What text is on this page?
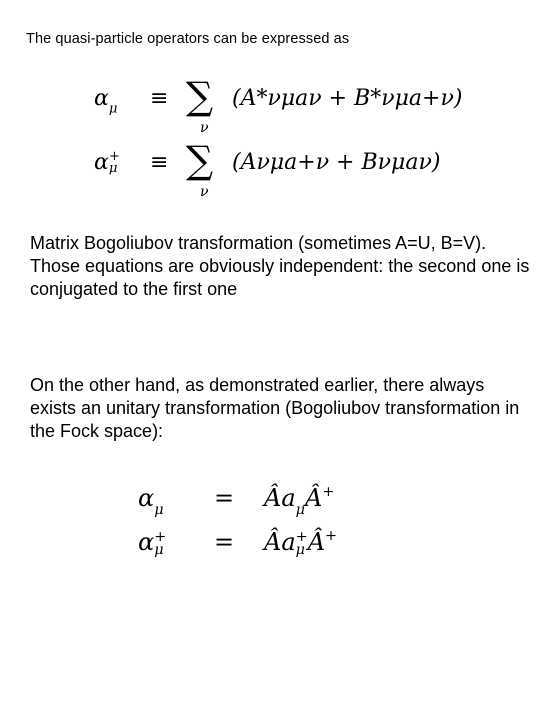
The quasi-particle operators can be expressed as
$\alpha_\mu$ ≡ ∑
ν
(A*νμaν + B*νμa+ν)
α +
μ ≡ ∑
ν
(Aνμa+ν + Bνμaν)
Matrix Bogoliubov transformation (sometimes A=U, B=V). Those equations are obviously independent: the second one is conjugated to the first one
On the other hand, as demonstrated earlier, there always exists an unitary transformation (Bogoliubov transformation in the Fock space):
$\alpha_\mu$ = $Âa_\mu Â^+$
α +
μ = Âa +
μ Â+
